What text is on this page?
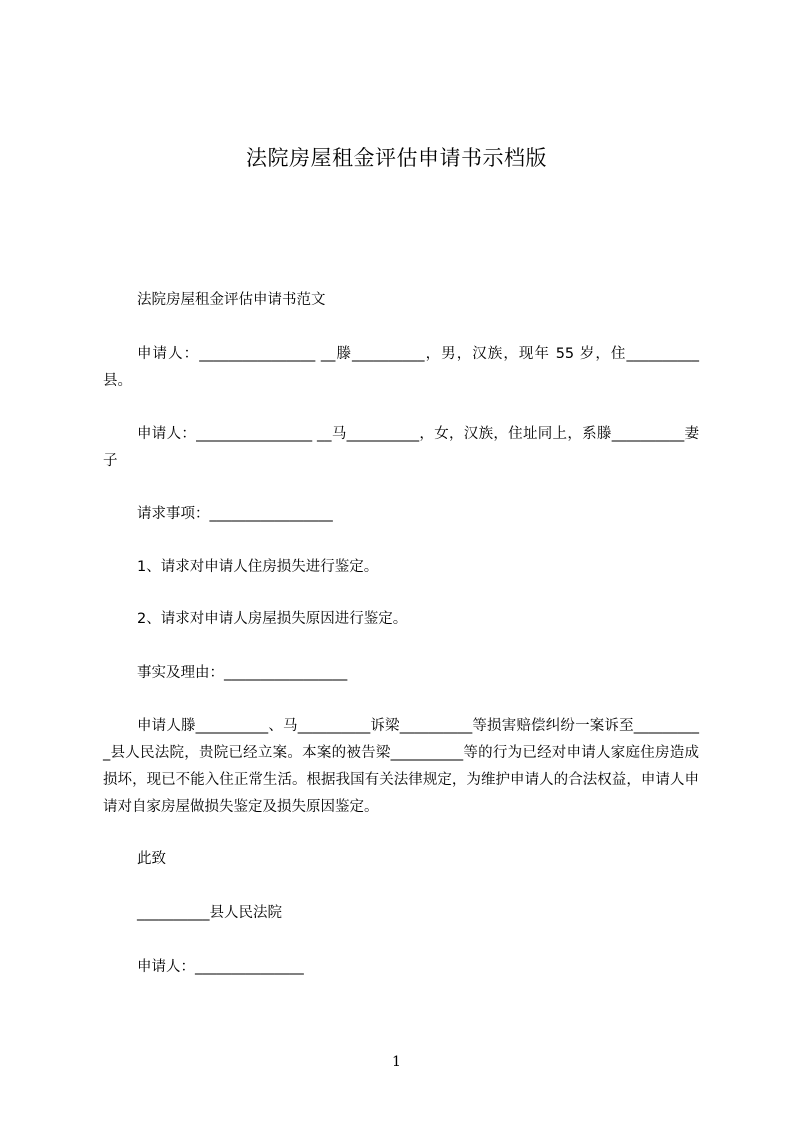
法院房屋租金评估申请书示档版
法院房屋租金评估申请书范文
申请人：________________ __滕__________，男，汉族，现年 55 岁，住__________县。
申请人：________________ __马__________，女，汉族，住址同上，系滕__________妻子
请求事项：_________________
1、请求对申请人住房损失进行鉴定。
2、请求对申请人房屋损失原因进行鉴定。
事实及理由：_________________
申请人滕__________、马__________诉梁__________等损害赔偿纠纷一案诉至__________县人民法院，贵院已经立案。本案的被告梁__________等的行为已经对申请人家庭住房造成损坏，现已不能入住正常生活。根据我国有关法律规定，为维护申请人的合法权益，申请人申请对自家房屋做损失鉴定及损失原因鉴定。
此致
__________县人民法院
申请人：_______________
1
